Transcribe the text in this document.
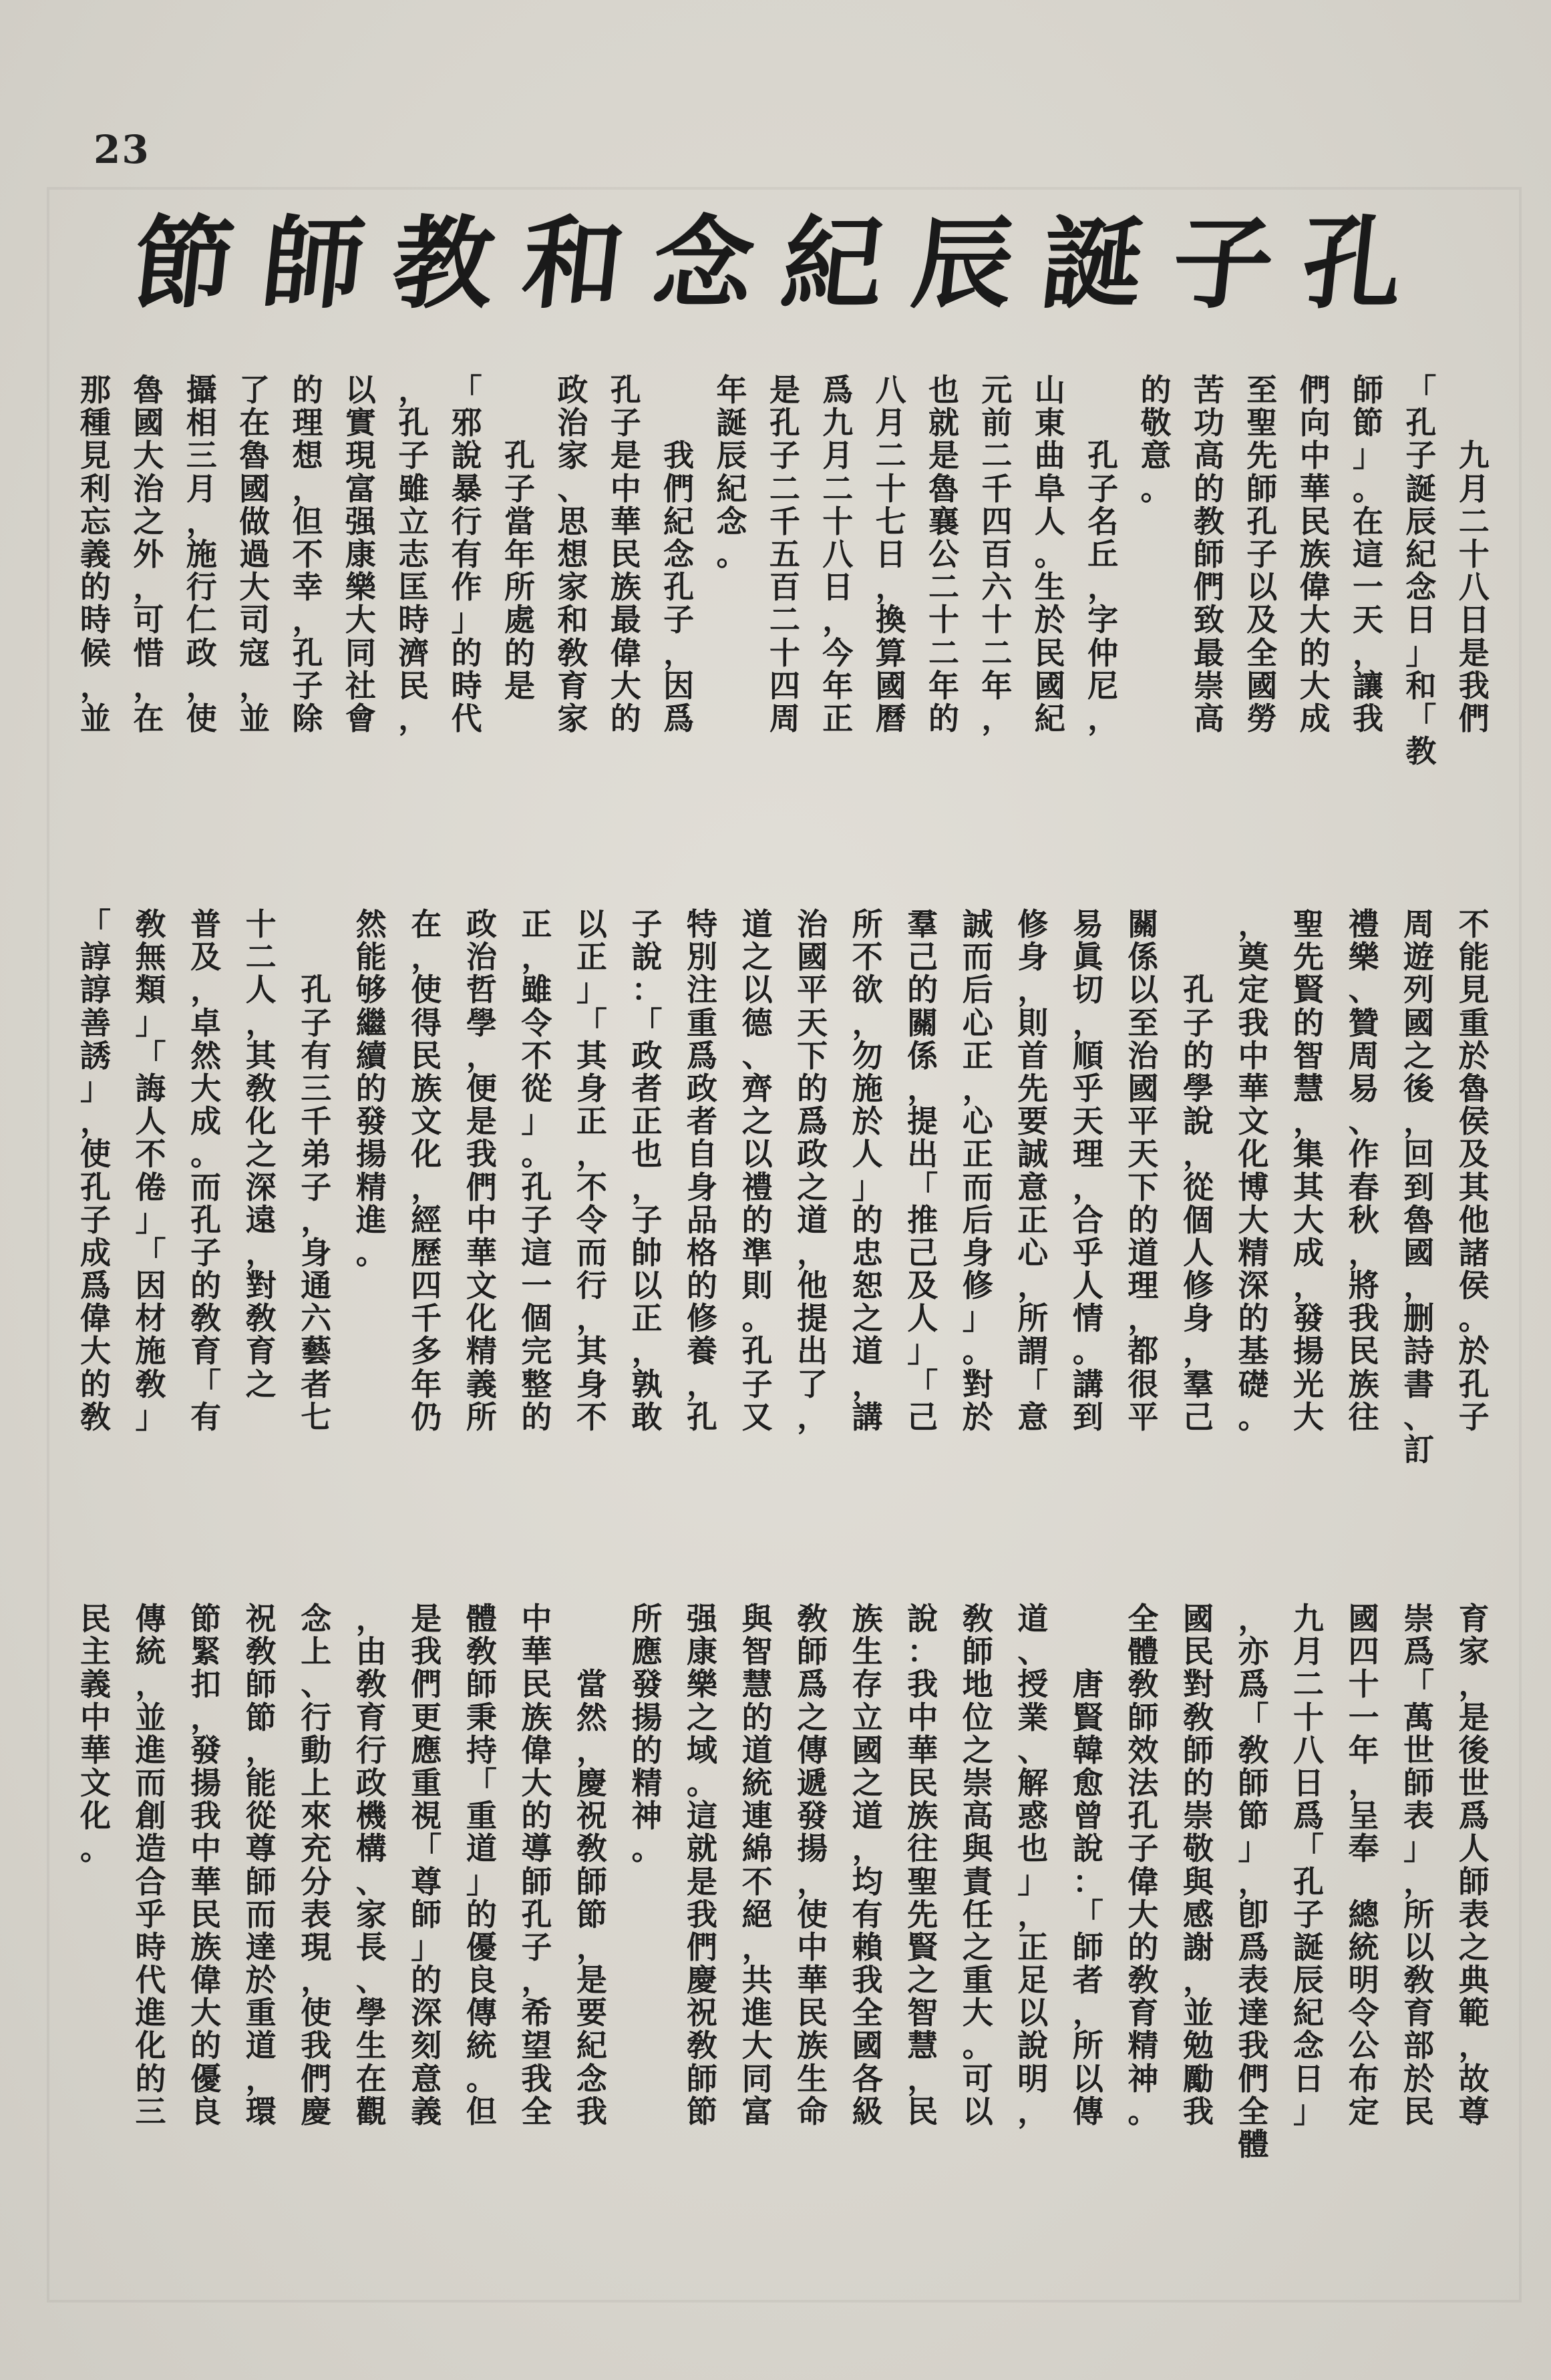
23
孔
子
誕
辰
紀
念
和
教
師
節

九
月
二
十
八
日
是
我
們
「
孔
子
誕
辰
紀
念
日
」
和
「
教
師
節
」
。
在
這
一
天
，
讓
我
們
向
中
華
民
族
偉
大
的
大
成
至
聖
先
師
孔
子
以
及
全
國
勞
苦
功
高
的
教
師
們
致
最
崇
高
的
敬
意
。

孔
子
名
丘
，
字
仲
尼
，
山
東
曲
阜
人
。
生
於
民
國
紀
元
前
二
千
四
百
六
十
二
年
，
也
就
是
魯
襄
公
二
十
二
年
的
八
月
二
十
七
日
，
換
算
國
曆
爲
九
月
二
十
八
日
，
今
年
正
是
孔
子
二
千
五
百
二
十
四
周
年
誕
辰
紀
念
。

我
們
紀
念
孔
子
，
因
爲
孔
子
是
中
華
民
族
最
偉
大
的
政
治
家
、
思
想
家
和
敎
育
家

孔
子
當
年
所
處
的
是
「
邪
說
暴
行
有
作
」
的
時
代
，
孔
子
雖
立
志
匡
時
濟
民
，
以
實
現
富
强
康
樂
大
同
社
會
的
理
想
，
但
不
幸
，
孔
子
除
了
在
魯
國
做
過
大
司
寇
，
並
攝
相
三
月
，
施
行
仁
政
，
使
魯
國
大
治
之
外
，
可
惜
，
在
那
種
見
利
忘
義
的
時
候
，
並
不
能
見
重
於
魯
侯
及
其
他
諸
侯
。
於
孔
子
周
遊
列
國
之
後
，
回
到
魯
國
，
删
詩
書
、
訂
禮
樂
、
贊
周
易
、
作
春
秋
，
將
我
民
族
往
聖
先
賢
的
智
慧
，
集
其
大
成
，
發
揚
光
大
，
奠
定
我
中
華
文
化
博
大
精
深
的
基
礎
。

孔
子
的
學
說
，
從
個
人
修
身
，
羣
己
關
係
以
至
治
國
平
天
下
的
道
理
，
都
很
平
易
眞
切
，
順
乎
天
理
，
合
乎
人
情
。
講
到
修
身
，
則
首
先
要
誠
意
正
心
，
所
謂
「
意
誠
而
后
心
正
，
心
正
而
后
身
修
」
。
對
於
羣
己
的
關
係
，
提
出
「
推
己
及
人
」
「
己
所
不
欲
，
勿
施
於
人
」
的
忠
恕
之
道
，
講
治
國
平
天
下
的
爲
政
之
道
，
他
提
出
了
，
道
之
以
德
、
齊
之
以
禮
的
準
則
。
孔
子
又
特
別
注
重
爲
政
者
自
身
品
格
的
修
養
，
孔
子
說
：
「
政
者
正
也
，
子
帥
以
正
，
孰
敢
以
正
」
「
其
身
正
，
不
令
而
行
，
其
身
不
正
，
雖
令
不
從
」
。
孔
子
這
一
個
完
整
的
政
治
哲
學
，
便
是
我
們
中
華
文
化
精
義
所
在
，
使
得
民
族
文
化
，
經
歷
四
千
多
年
仍
然
能
够
繼
續
的
發
揚
精
進
。

孔
子
有
三
千
弟
子
，
身
通
六
藝
者
七
十
二
人
，
其
敎
化
之
深
遠
，
對
敎
育
之
普
及
，
卓
然
大
成
。
而
孔
子
的
敎
育
「
有
敎
無
類
」
「
誨
人
不
倦
」
「
因
材
施
敎
」
「
諄
諄
善
誘
」
，
使
孔
子
成
爲
偉
大
的
敎
育
家
，
是
後
世
爲
人
師
表
之
典
範
，
故
尊
崇
爲
「
萬
世
師
表
」
，
所
以
敎
育
部
於
民
國
四
十
一
年
，
呈
奉

總
統
明
令
公
布
定
九
月
二
十
八
日
爲
「
孔
子
誕
辰
紀
念
日
」
，
亦
爲
「
敎
師
節
」
，
卽
爲
表
達
我
們
全
體
國
民
對
敎
師
的
崇
敬
與
感
謝
，
並
勉
勵
我
全
體
敎
師
效
法
孔
子
偉
大
的
敎
育
精
神
。

唐
賢
韓
愈
曾
說
：
「
師
者
，
所
以
傳
道
、
授
業
、
解
惑
也
」
，
正
足
以
說
明
，
敎
師
地
位
之
崇
高
與
責
任
之
重
大
。
可
以
說
：
我
中
華
民
族
往
聖
先
賢
之
智
慧
，
民
族
生
存
立
國
之
道
，
均
有
賴
我
全
國
各
級
敎
師
爲
之
傳
遞
發
揚
，
使
中
華
民
族
生
命
與
智
慧
的
道
統
連
綿
不
絕
，
共
進
大
同
富
强
康
樂
之
域
。
這
就
是
我
們
慶
祝
敎
師
節
所
應
發
揚
的
精
神
。

當
然
，
慶
祝
敎
師
節
，
是
要
紀
念
我
中
華
民
族
偉
大
的
導
師
孔
子
，
希
望
我
全
體
敎
師
秉
持
「
重
道
」
的
優
良
傳
統
。
但
是
我
們
更
應
重
視
「
尊
師
」
的
深
刻
意
義
，
由
敎
育
行
政
機
構
、
家
長
、
學
生
在
觀
念
上
、
行
動
上
來
充
分
表
現
，
使
我
們
慶
祝
敎
師
節
，
能
從
尊
師
而
達
於
重
道
，
環
節
緊
扣
，
發
揚
我
中
華
民
族
偉
大
的
優
良
傳
統
，
並
進
而
創
造
合
乎
時
代
進
化
的
三
民
主
義
中
華
文
化
。
